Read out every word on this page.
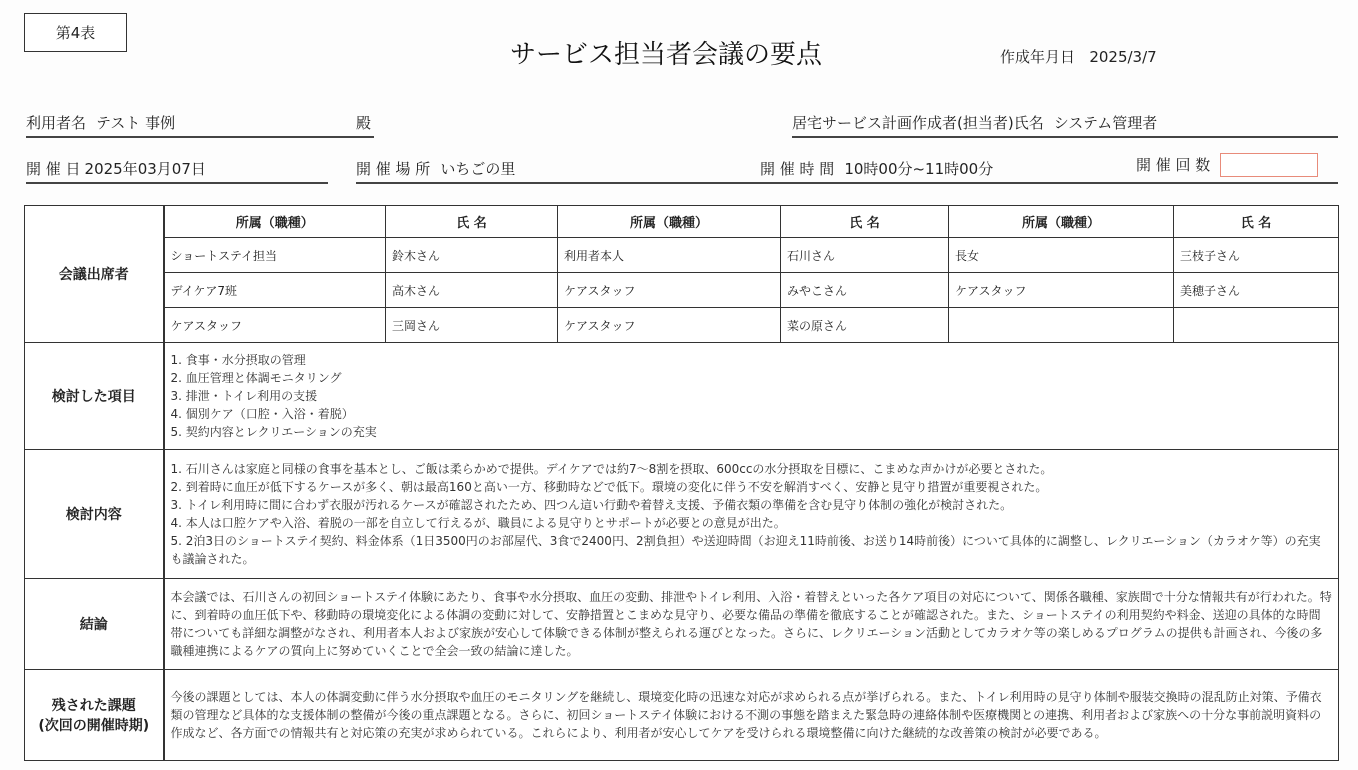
第4表
サービス担当者会議の要点	作成年月日 2025/3/7
利用者名 テスト 事例	殿	居宅サービス計画作成者(担当者)氏名 システム管理者
開 催 日 2025年03月07日	開 催 場 所 いちごの里	開 催 時 間 10時00分~11時00分	開 催 回 数
会議出席者	所属（職種）	氏 名	所属（職種）	氏 名	所属（職種）	氏 名
	ショートステイ担当	鈴木さん	利用者本人	石川さん	長女	三枝子さん
	デイケア7班	高木さん	ケアスタッフ	みやこさん	ケアスタッフ	美穂子さん
	ケアスタッフ	三岡さん	ケアスタッフ	菜の原さん		
検討した項目	1. 食事・水分摂取の管理
2. 血圧管理と体調モニタリング
3. 排泄・トイレ利用の支援
4. 個別ケア（口腔・入浴・着脱）
5. 契約内容とレクリエーションの充実					

検討内容	1. 石川さんは家庭と同様の食事を基本とし、ご飯は柔らかめで提供。デイケアでは約7～8割を摂取、600ccの水分摂取を目標に、こまめな声かけが必要とされた。
2. 到着時に血圧が低下するケースが多く、朝は最高160と高い一方、移動時などで低下。環境の変化に伴う不安を解消すべく、安静と見守り措置が重要視された。
3. トイレ利用時に間に合わず衣服が汚れるケースが確認されたため、四つん這い行動や着替え支援、予備衣類の準備を含む見守り体制の強化が検討された。
4. 本人は口腔ケアや入浴、着脱の一部を自立して行えるが、職員による見守りとサポートが必要との意見が出た。
5. 2泊3日のショートステイ契約、料金体系（1日3500円のお部屋代、3食で2400円、2割負担）や送迎時間（お迎え11時前後、お送り14時前後）について具体的に調整し、レクリエーション（カラオケ等）の充実も議論された。					

結論	本会議では、石川さんの初回ショートステイ体験にあたり、食事や水分摂取、血圧の変動、排泄やトイレ利用、入浴・着替えといった各ケア項目の対応について、関係各職種、家族間で十分な情報共有が行われた。特に、到着時の血圧低下や、移動時の環境変化による体調の変動に対して、安静措置とこまめな見守り、必要な備品の準備を徹底することが確認された。また、ショートステイの利用契約や料金、送迎の具体的な時間帯についても詳細な調整がなされ、利用者本人および家族が安心して体験できる体制が整えられる運びとなった。さらに、レクリエーション活動としてカラオケ等の楽しめるプログラムの提供も計画され、今後の多職種連携によるケアの質向上に努めていくことで全会一致の結論に達した。					

残された課題
(次回の開催時期)	今後の課題としては、本人の体調変動に伴う水分摂取や血圧のモニタリングを継続し、環境変化時の迅速な対応が求められる点が挙げられる。また、トイレ利用時の見守り体制や服装交換時の混乱防止対策、予備衣類の管理など具体的な支援体制の整備が今後の重点課題となる。さらに、初回ショートステイ体験における不測の事態を踏まえた緊急時の連絡体制や医療機関との連携、利用者および家族への十分な事前説明資料の作成など、各方面での情報共有と対応策の充実が求められている。これらにより、利用者が安心してケアを受けられる環境整備に向けた継続的な改善策の検討が必要である。					
